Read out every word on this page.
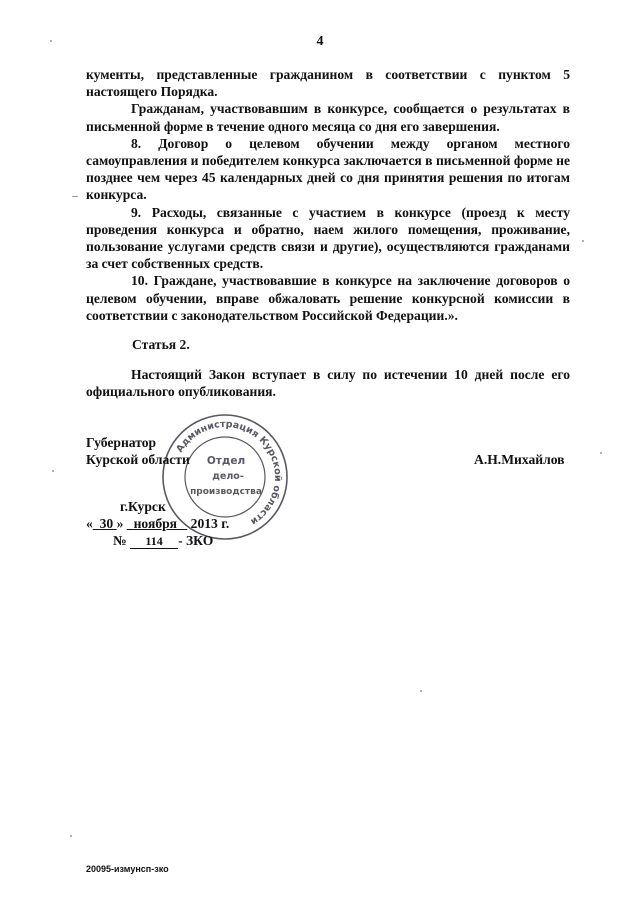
4

кументы, представленные гражданином в соответствии с пунктом 5 настоящего Порядка.

Гражданам, участвовавшим в конкурсе, сообщается о результатах в письменной форме в течение одного месяца со дня его завершения.

8. Договор о целевом обучении между органом местного самоуправления и победителем конкурса заключается в письменной форме не позднее чем через 45 календарных дней со дня принятия решения по итогам конкурса.

9. Расходы, связанные с участием в конкурсе (проезд к месту проведения конкурса и обратно, наем жилого помещения, проживание, пользование услугами средств связи и другие), осуществляются гражданами за счет собственных средств.

10. Граждане, участвовавшие в конкурсе на заключение договоров о целевом обучении, вправе обжаловать решение конкурсной комиссии в соответствии с законодательством Российской Федерации.».

Статья 2.
Настоящий Закон вступает в силу по истечении 10 дней после его официального опубликования.
Губернатор
Курской области	А.Н.Михайлов
г.Курск
« 30 » ноября 2013 г.
№ 114 - ЗКО
Администрация Курской области
Отдел
дело-
производства
20095-измунсп-зко
